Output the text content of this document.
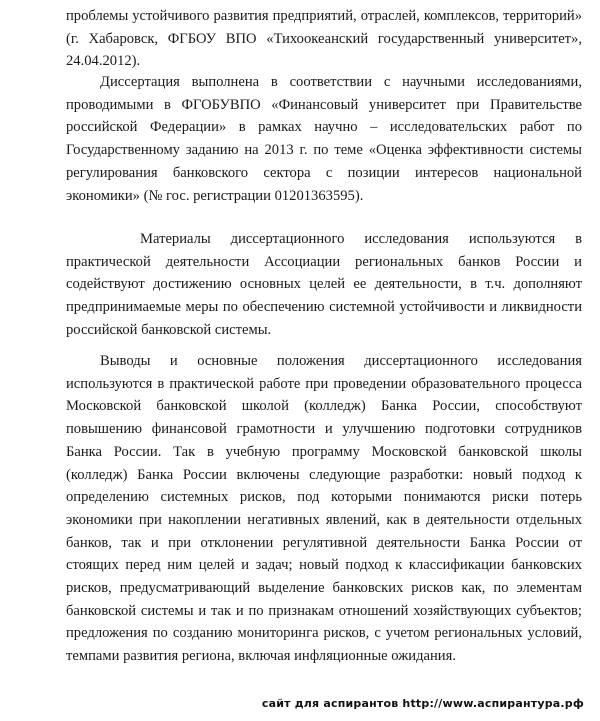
проблемы устойчивого развития предприятий, отраслей, комплексов, территорий» (г. Хабаровск, ФГБОУ ВПО «Тихоокеанский государственный университет», 24.04.2012).

Диссертация выполнена в соответствии с научными исследованиями, проводимыми в ФГОБУВПО «Финансовый университет при Правительстве российской Федерации» в рамках научно – исследовательских работ по Государственному заданию на 2013 г. по теме «Оценка эффективности системы регулирования банковского сектора с позиции интересов национальной экономики» (№ гос. регистрации 01201363595).

Материалы диссертационного исследования используются в практической деятельности Ассоциации региональных банков России и содействуют достижению основных целей ее деятельности, в т.ч. дополняют предпринимаемые меры по обеспечению системной устойчивости и ликвидности российской банковской системы.

Выводы и основные положения диссертационного исследования используются в практической работе при проведении образовательного процесса Московской банковской школой (колледж) Банка России, способствуют повышению финансовой грамотности и улучшению подготовки сотрудников Банка России. Так в учебную программу Московской банковской школы (колледж) Банка России включены следующие разработки: новый подход к определению системных рисков, под которыми понимаются риски потерь экономики при накоплении негативных явлений, как в деятельности отдельных банков, так и при отклонении регулятивной деятельности Банка России от стоящих перед ним целей и задач; новый подход к классификации банковских рисков, предусматривающий выделение банковских рисков как, по элементам банковской системы и так и по признакам отношений хозяйствующих субъектов; предложения по созданию мониторинга рисков, с учетом региональных условий, темпами развития региона, включая инфляционные ожидания.

сайт для аспирантов http://www.аспирантура.рф
